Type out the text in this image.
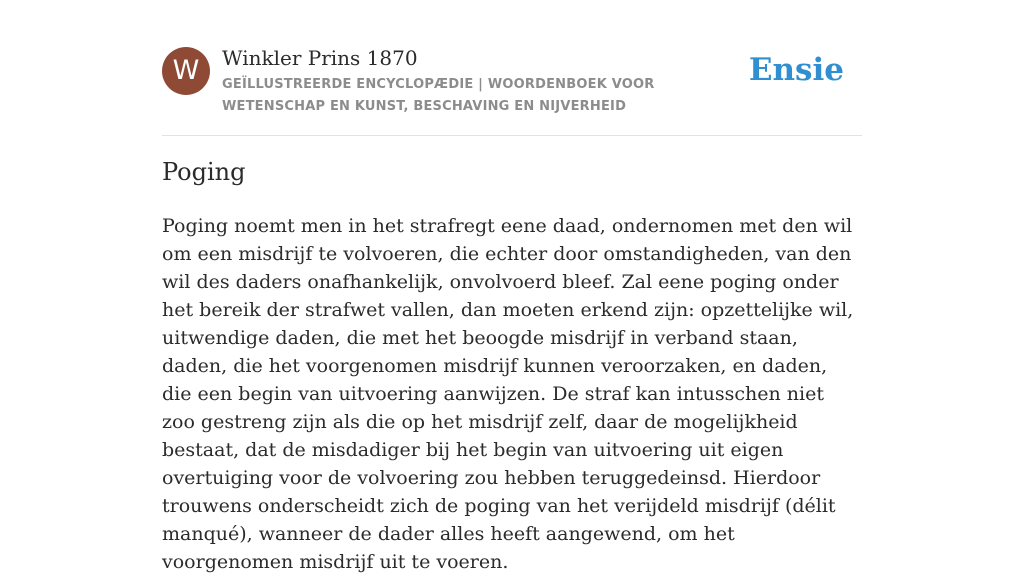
W	Winkler Prins 1870
GEÏLLUSTREERDE ENCYCLOPÆDIE | WOORDENBOEK VOOR WETENSCHAP EN KUNST, BESCHAVING EN NIJVERHEID
Ensie
Poging

Poging noemt men in het strafregt eene daad, ondernomen met den wil om een misdrijf te volvoeren, die echter door omstandigheden, van den wil des daders onafhankelijk, onvolvoerd bleef. Zal eene poging onder het bereik der strafwet vallen, dan moeten erkend zijn: opzettelijke wil, uitwendige daden, die met het beoogde misdrijf in verband staan, daden, die het voorgenomen misdrijf kunnen veroorzaken, en daden, die een begin van uitvoering aanwijzen. De straf kan intusschen niet zoo gestreng zijn als die op het misdrijf zelf, daar de mogelijkheid bestaat, dat de misdadiger bij het begin van uitvoering uit eigen overtuiging voor de volvoering zou hebben teruggedeinsd. Hierdoor trouwens onderscheidt zich de poging van het verijdeld misdrijf (délit manqué), wanneer de dader alles heeft aangewend, om het voorgenomen misdrijf uit te voeren.
